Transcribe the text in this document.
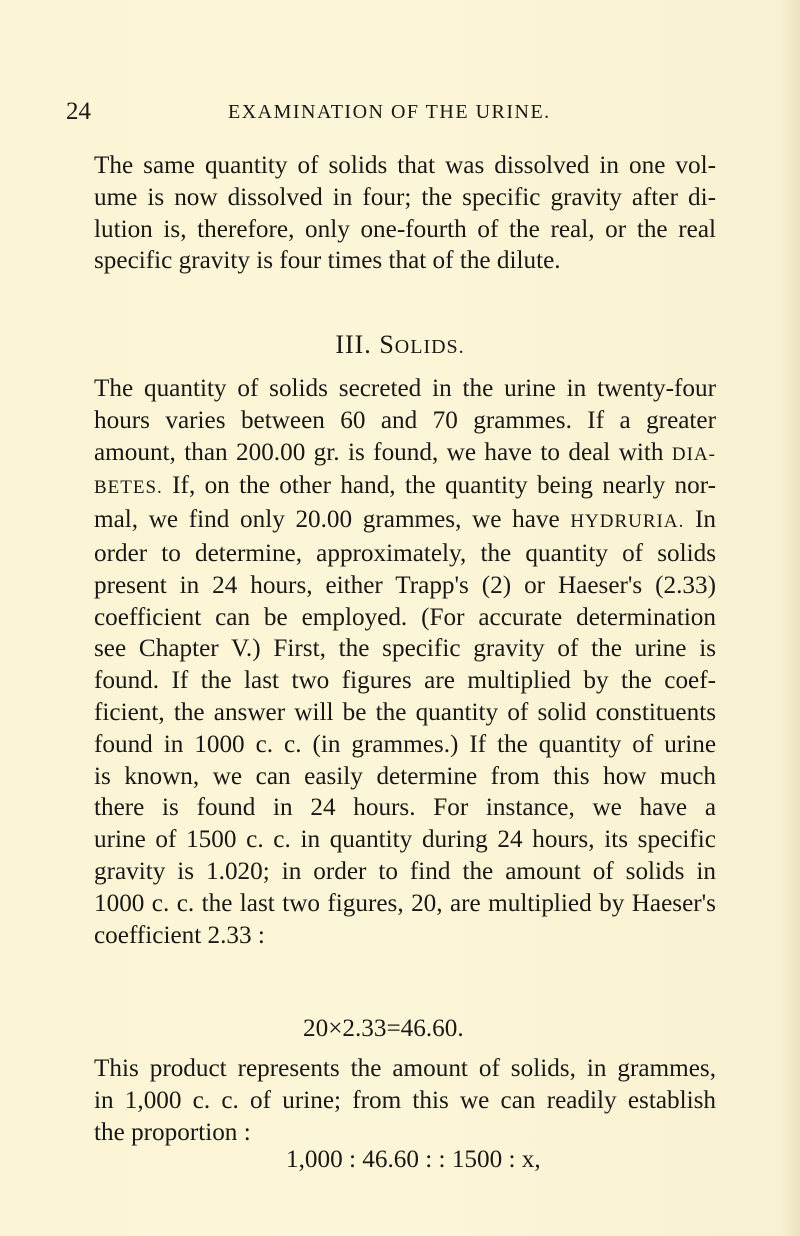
24	EXAMINATION OF THE URINE.
The same quantity of solids that was dissolved in one vol-
ume is now dissolved in four; the specific gravity after di-
lution is, therefore, only one-fourth of the real, or the real
specific gravity is four times that of the dilute.
III. SOLIDS.
The quantity of solids secreted in the urine in twenty-four
hours varies between 60 and 70 grammes. If a greater
amount, than 200.00 gr. is found, we have to deal with DIA-
BETES. If, on the other hand, the quantity being nearly nor-
mal, we find only 20.00 grammes, we have HYDRURIA. In
order to determine, approximately, the quantity of solids
present in 24 hours, either Trapp's (2) or Haeser's (2.33)
coefficient can be employed. (For accurate determination
see Chapter V.) First, the specific gravity of the urine is
found. If the last two figures are multiplied by the coef-
ficient, the answer will be the quantity of solid constituents
found in 1000 c. c. (in grammes.) If the quantity of urine
is known, we can easily determine from this how much
there is found in 24 hours. For instance, we have a
urine of 1500 c. c. in quantity during 24 hours, its specific
gravity is 1.020; in order to find the amount of solids in
1000 c. c. the last two figures, 20, are multiplied by Haeser's
coefficient 2.33 :
20×2.33=46.60.
This product represents the amount of solids, in grammes,
in 1,000 c. c. of urine; from this we can readily establish
the proportion :
1,000 : 46.60 : : 1500 : x,
